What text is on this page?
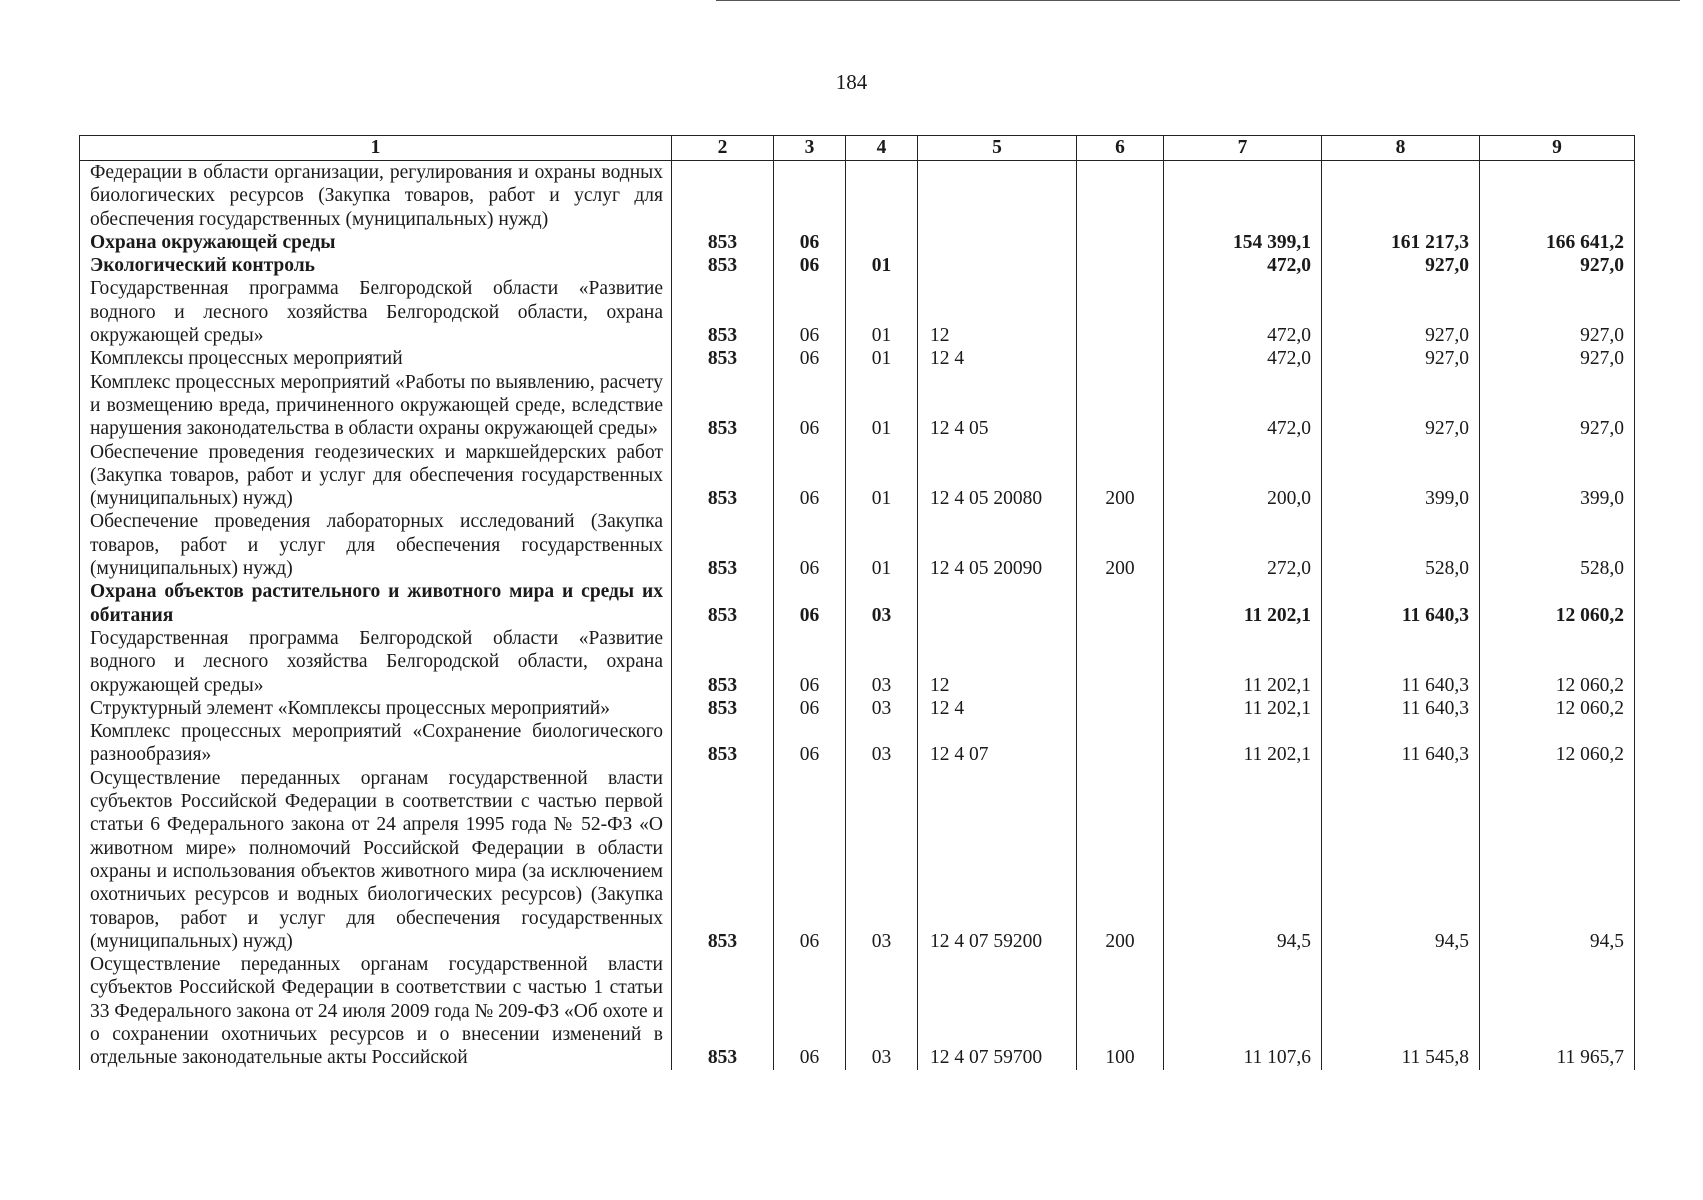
184
1	2	3	4	5	6	7	8	9
Федерации в области организации, регулирования и охраны водных биологических ресурсов (Закупка товаров, работ и услуг для обеспечения государственных (муниципальных) нужд)								
Охрана окружающей среды	853	06				154 399,1	161 217,3	166 641,2
Экологический контроль	853	06	01			472,0	927,0	927,0
Государственная программа Белгородской области «Развитие водного и лесного хозяйства Белгородской области, охрана окружающей среды»	853	06	01	12		472,0	927,0	927,0
Комплексы процессных мероприятий	853	06	01	12 4		472,0	927,0	927,0
Комплекс процессных мероприятий «Работы по выявлению, расчету и возмещению вреда, причиненного окружающей среде, вследствие нарушения законодательства в области охраны окружающей среды»	853	06	01	12 4 05		472,0	927,0	927,0
Обеспечение проведения геодезических и маркшейдерских работ (Закупка товаров, работ и услуг для обеспечения государственных (муниципальных) нужд)	853	06	01	12 4 05 20080	200	200,0	399,0	399,0
Обеспечение проведения лабораторных исследований (Закупка товаров, работ и услуг для обеспечения государственных (муниципальных) нужд)	853	06	01	12 4 05 20090	200	272,0	528,0	528,0
Охрана объектов растительного и животного мира и среды их обитания	853	06	03			11 202,1	11 640,3	12 060,2
Государственная программа Белгородской области «Развитие водного и лесного хозяйства Белгородской области, охрана окружающей среды»	853	06	03	12		11 202,1	11 640,3	12 060,2
Структурный элемент «Комплексы процессных мероприятий»	853	06	03	12 4		11 202,1	11 640,3	12 060,2
Комплекс процессных мероприятий «Сохранение биологического разнообразия»	853	06	03	12 4 07		11 202,1	11 640,3	12 060,2
Осуществление переданных органам государственной власти субъектов Российской Федерации в соответствии с частью первой статьи 6 Федерального закона от 24 апреля 1995 года № 52-ФЗ «О животном мире» полномочий Российской Федерации в области охраны и использования объектов животного мира (за исключением охотничьих ресурсов и водных биологических ресурсов) (Закупка товаров, работ и услуг для обеспечения государственных (муниципальных) нужд)	853	06	03	12 4 07 59200	200	94,5	94,5	94,5
Осуществление переданных органам государственной власти субъектов Российской Федерации в соответствии с частью 1 статьи 33 Федерального закона от 24 июля 2009 года № 209-ФЗ «Об охоте и о сохранении охотничьих ресурсов и о внесении изменений в отдельные законодательные акты Российской	853	06	03	12 4 07 59700	100	11 107,6	11 545,8	11 965,7
